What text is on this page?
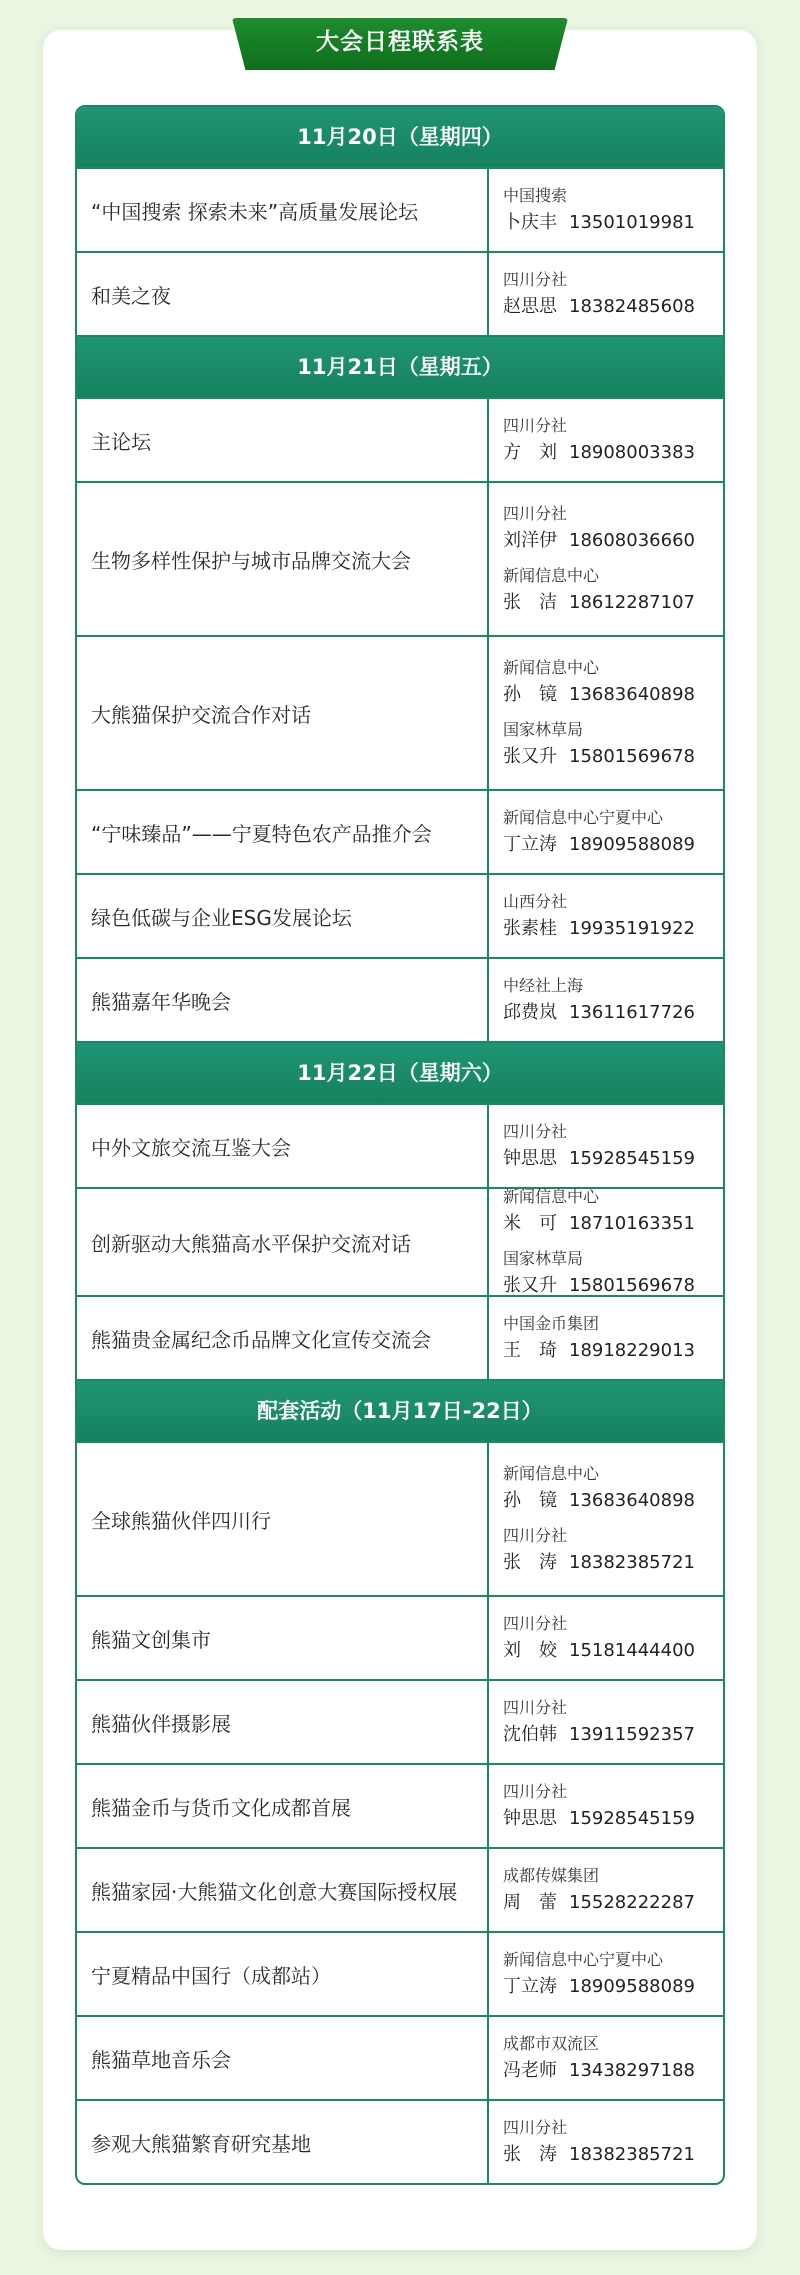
大会日程联系表
11月20日（星期四）
“中国搜索 探索未来”高质量发展论坛
中国搜索
卜庆丰 13501019981
和美之夜
四川分社
赵思思 18382485608
11月21日（星期五）
主论坛
四川分社
方　刘 18908003383
生物多样性保护与城市品牌交流大会
四川分社
刘洋伊 18608036660
新闻信息中心
张　洁 18612287107
大熊猫保护交流合作对话
新闻信息中心
孙　镜 13683640898
国家林草局
张又升 15801569678
“宁味臻品”——宁夏特色农产品推介会
新闻信息中心宁夏中心
丁立涛 18909588089
绿色低碳与企业ESG发展论坛
山西分社
张素桂 19935191922
熊猫嘉年华晚会
中经社上海
邱费岚 13611617726
11月22日（星期六）
中外文旅交流互鉴大会
四川分社
钟思思 15928545159
创新驱动大熊猫高水平保护交流对话
新闻信息中心
米　可 18710163351
国家林草局
张又升 15801569678
熊猫贵金属纪念币品牌文化宣传交流会
中国金币集团
王　琦 18918229013
配套活动（11月17日-22日）
全球熊猫伙伴四川行
新闻信息中心
孙　镜 13683640898
四川分社
张　涛 18382385721
熊猫文创集市
四川分社
刘　姣 15181444400
熊猫伙伴摄影展
四川分社
沈伯韩 13911592357
熊猫金币与货币文化成都首展
四川分社
钟思思 15928545159
熊猫家园·大熊猫文化创意大赛国际授权展
成都传媒集团
周　蕾 15528222287
宁夏精品中国行（成都站）
新闻信息中心宁夏中心
丁立涛 18909588089
熊猫草地音乐会
成都市双流区
冯老师 13438297188
参观大熊猫繁育研究基地
四川分社
张　涛 18382385721
